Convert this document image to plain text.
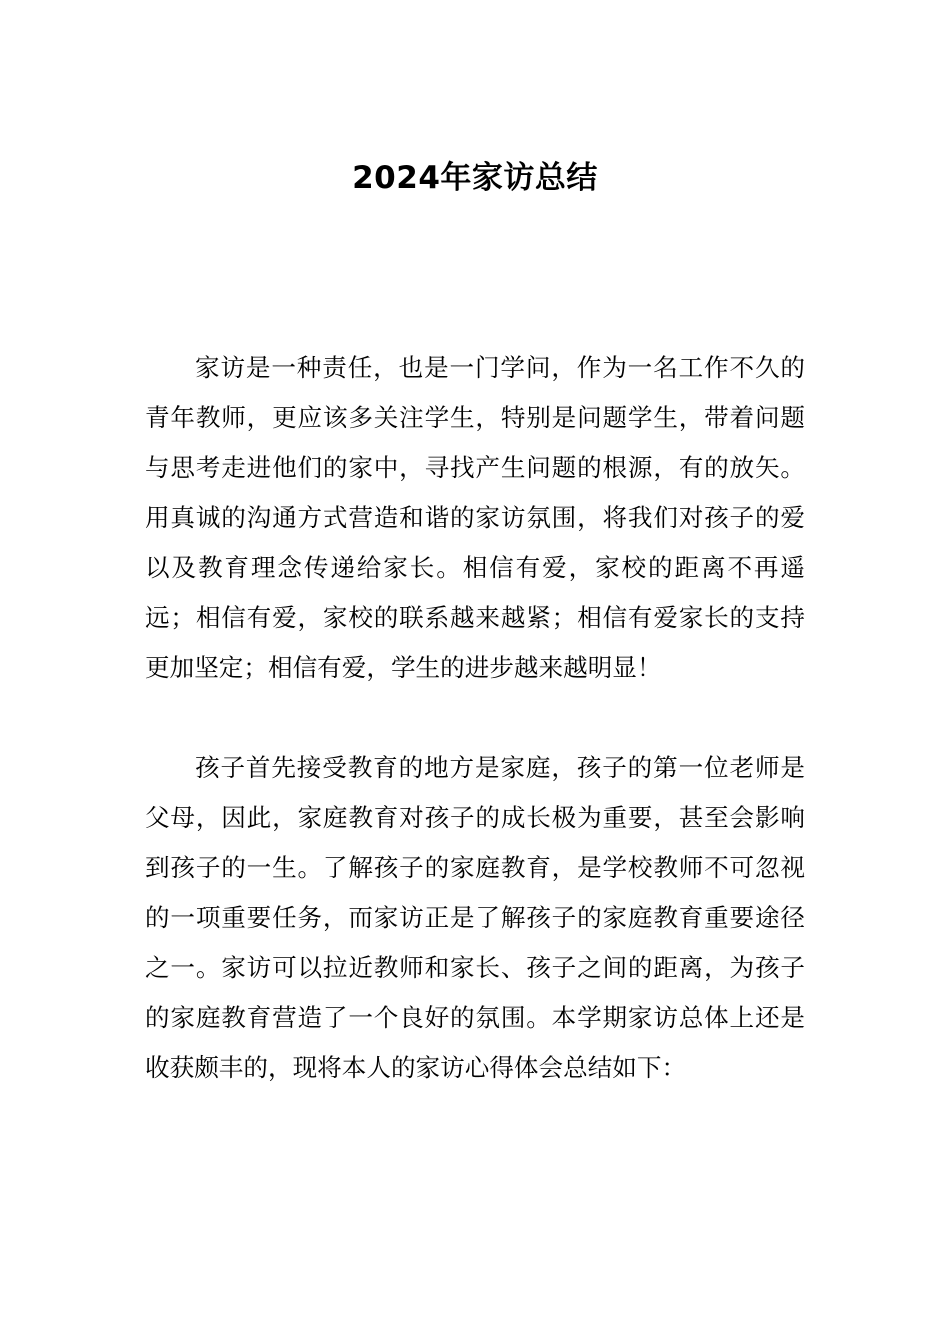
2024年家访总结

家访是一种责任，也是一门学问，作为一名工作不久的青年教师，更应该多关注学生，特别是问题学生，带着问题与思考走进他们的家中，寻找产生问题的根源，有的放矢。用真诚的沟通方式营造和谐的家访氛围，将我们对孩子的爱以及教育理念传递给家长。相信有爱，家校的距离不再遥远；相信有爱，家校的联系越来越紧；相信有爱家长的支持更加坚定；相信有爱，学生的进步越来越明显！

孩子首先接受教育的地方是家庭，孩子的第一位老师是父母，因此，家庭教育对孩子的成长极为重要，甚至会影响到孩子的一生。了解孩子的家庭教育，是学校教师不可忽视的一项重要任务，而家访正是了解孩子的家庭教育重要途径之一。家访可以拉近教师和家长、孩子之间的距离，为孩子的家庭教育营造了一个良好的氛围。本学期家访总体上还是收获颇丰的，现将本人的家访心得体会总结如下：
